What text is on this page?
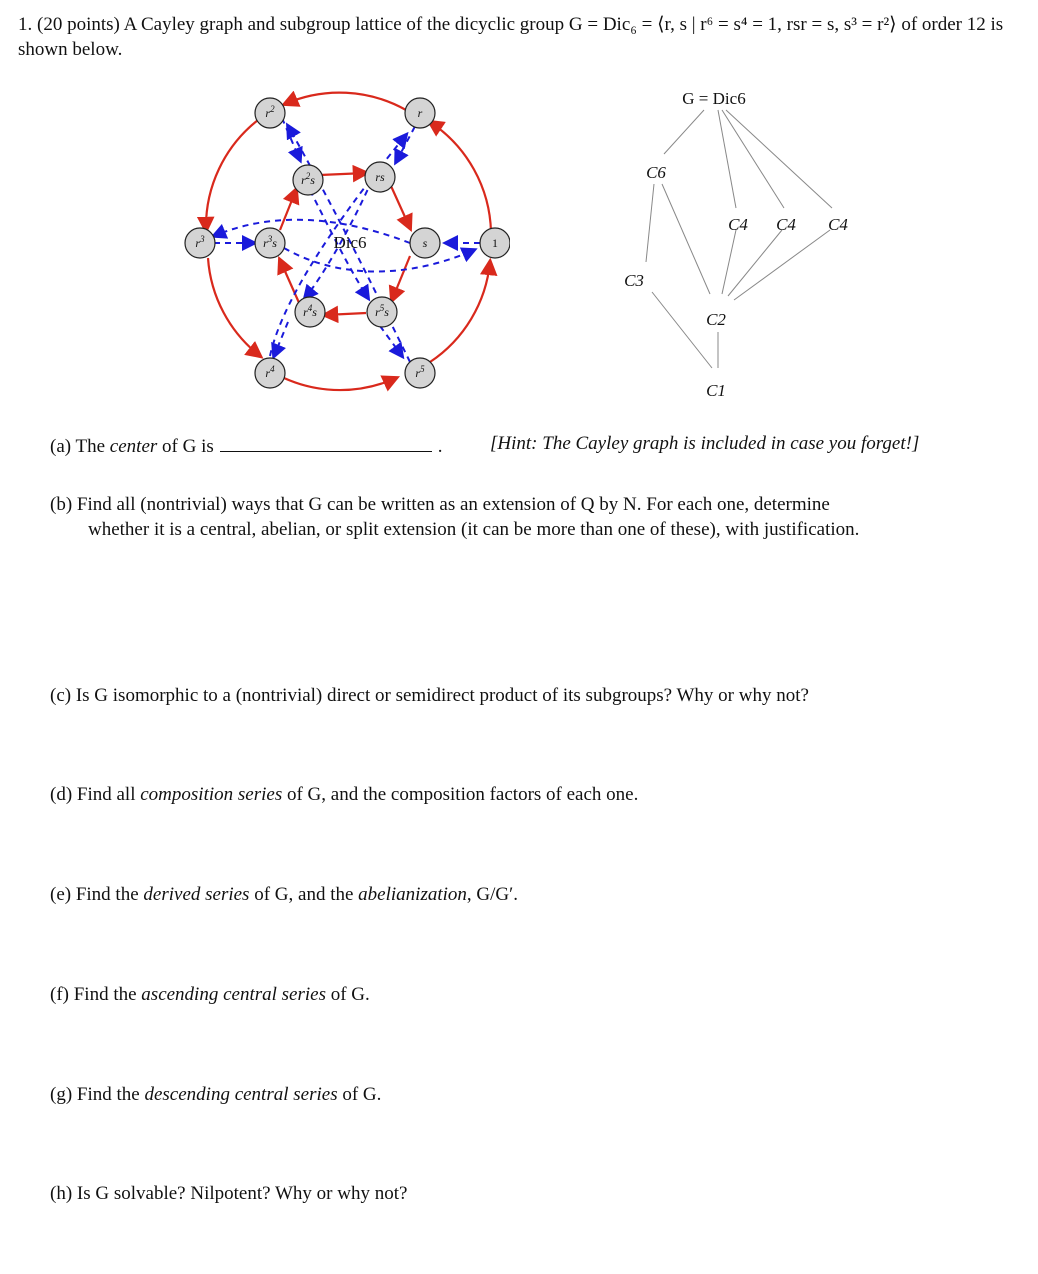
1. (20 points) A Cayley graph and subgroup lattice of the dicyclic group G = Dic₆ = ⟨r, s | r⁶ = s⁴ = 1, rsr = s, s³ = r²⟩ of order 12 is shown below.
$r^2$	r
$r^3$	1
$r^4$	$r^5$
$r^2s$	rs
$r^3s$	s
$r^4s$	$r^5s$
Dic6
G = Dic6
C6
C4 C4 C4
C3
C2
C1
(a) The center of G is	. [Hint: The Cayley graph is included in case you forget!]
(b) Find all (nontrivial) ways that G can be written as an extension of Q by N. For each one, determine
whether it is a central, abelian, or split extension (it can be more than one of these), with justification.
(c) Is G isomorphic to a (nontrivial) direct or semidirect product of its subgroups? Why or why not?
(d) Find all composition series of G, and the composition factors of each one.
(e) Find the derived series of G, and the abelianization, G/G′.
(f) Find the ascending central series of G.
(g) Find the descending central series of G.
(h) Is G solvable? Nilpotent? Why or why not?
